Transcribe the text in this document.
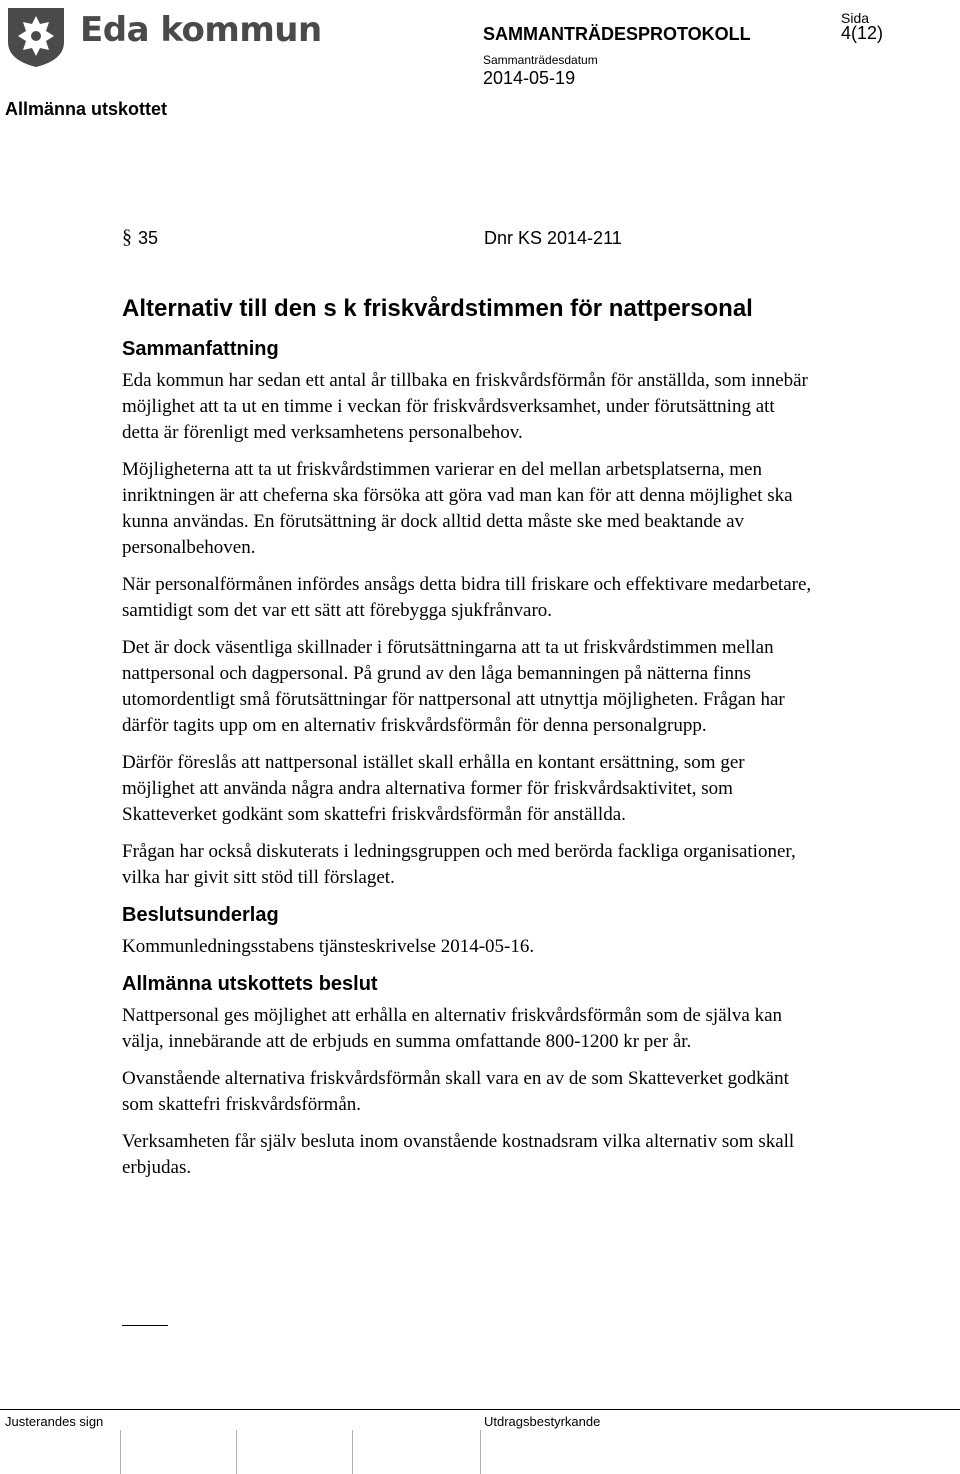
Eda kommun	SAMMANTRÄDESPROTOKOLL
Sammanträdesdatum
2014-05-19
Sida
4(12)
Allmänna utskottet
§ 35	Dnr KS 2014-211
Alternativ till den s k friskvårdstimmen för nattpersonal
Sammanfattning

Eda kommun har sedan ett antal år tillbaka en friskvårdsförmån för anställda, som innebär möjlighet att ta ut en timme i veckan för friskvårdsverksamhet, under förutsättning att detta är förenligt med verksamhetens personalbehov.

Möjligheterna att ta ut friskvårdstimmen varierar en del mellan arbetsplatserna, men inriktningen är att cheferna ska försöka att göra vad man kan för att denna möjlighet ska kunna användas. En förutsättning är dock alltid detta måste ske med beaktande av personalbehoven.

När personalförmånen infördes ansågs detta bidra till friskare och effektivare medarbetare, samtidigt som det var ett sätt att förebygga sjukfrånvaro.

Det är dock väsentliga skillnader i förutsättningarna att ta ut friskvårdstimmen mellan nattpersonal och dagpersonal. På grund av den låga bemanningen på nätterna finns utomordentligt små förutsättningar för nattpersonal att utnyttja möjligheten. Frågan har därför tagits upp om en alternativ friskvårdsförmån för denna personalgrupp.

Därför föreslås att nattpersonal istället skall erhålla en kontant ersättning, som ger möjlighet att använda några andra alternativa former för friskvårdsaktivitet, som Skatteverket godkänt som skattefri friskvårdsförmån för anställda.

Frågan har också diskuterats i ledningsgruppen och med berörda fackliga organisationer, vilka har givit sitt stöd till förslaget.

Beslutsunderlag

Kommunledningsstabens tjänsteskrivelse 2014-05-16.

Allmänna utskottets beslut

Nattpersonal ges möjlighet att erhålla en alternativ friskvårdsförmån som de själva kan välja, innebärande att de erbjuds en summa omfattande 800-1200 kr per år.

Ovanstående alternativa friskvårdsförmån skall vara en av de som Skatteverket godkänt som skattefri friskvårdsförmån.

Verksamheten får själv besluta inom ovanstående kostnadsram vilka alternativ som skall erbjudas.

Justerandes sign	Utdragsbestyrkande
